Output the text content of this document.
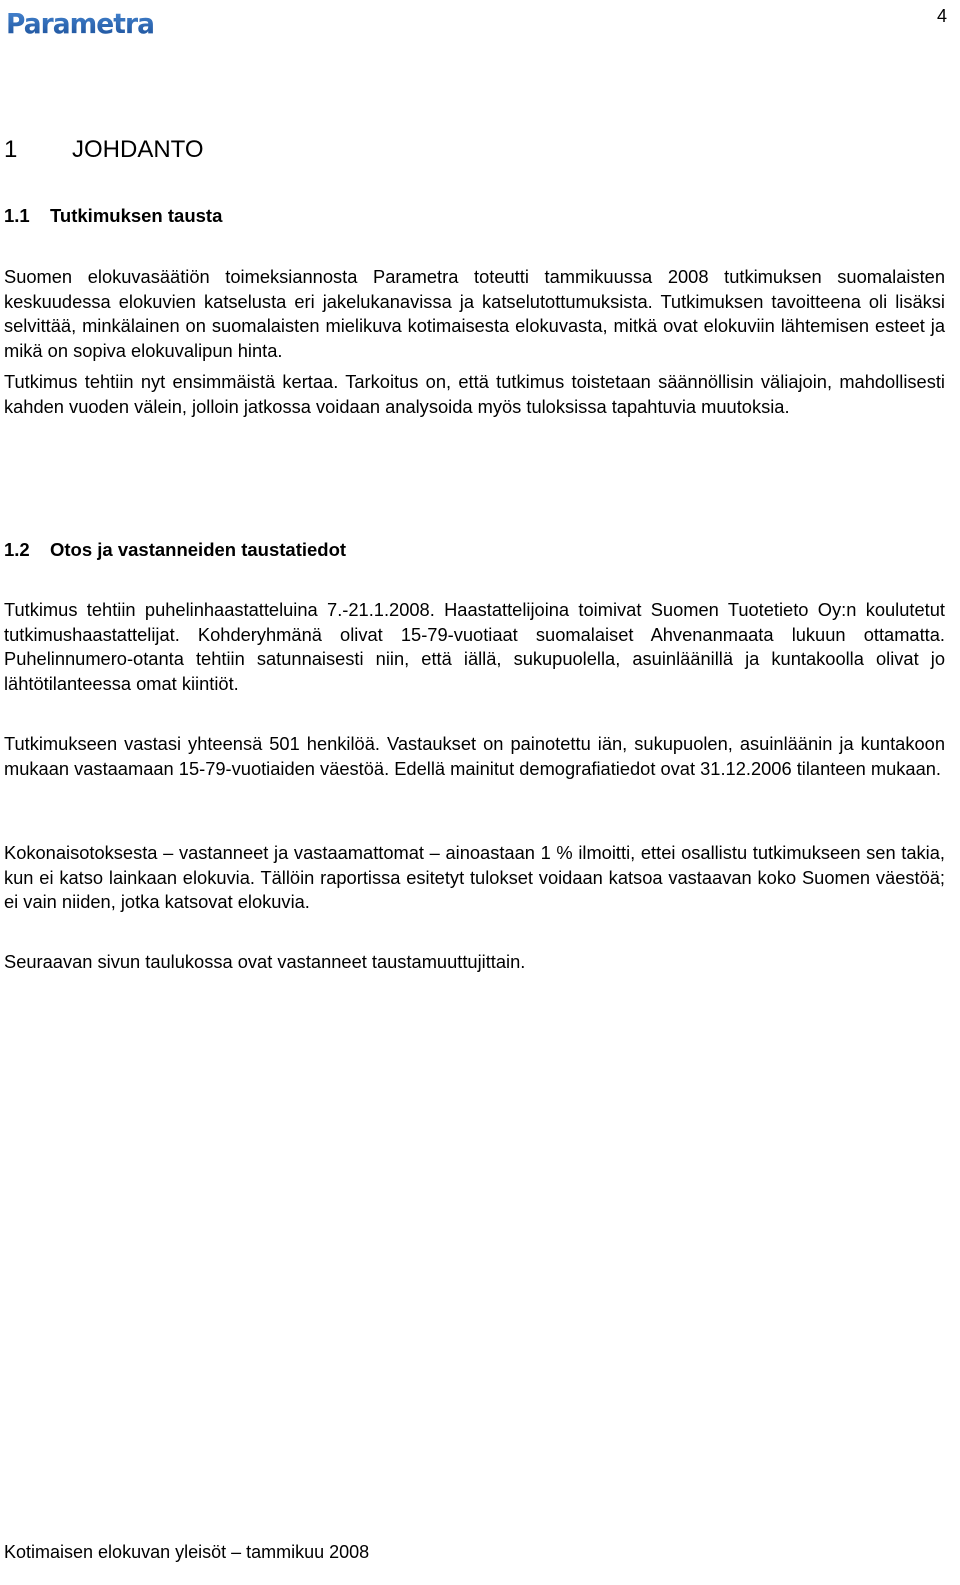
Parametra	4
1 JOHDANTO
1.1 Tutkimuksen tausta

Suomen elokuvasäätiön toimeksiannosta Parametra toteutti tammikuussa 2008 tutkimuksen suomalaisten keskuudessa elokuvien katselusta eri jakelukanavissa ja katselutottumuksista. Tutkimuksen tavoitteena oli lisäksi selvittää, minkälainen on suomalaisten mielikuva kotimaisesta elokuvasta, mitkä ovat elokuviin lähtemisen esteet ja mikä on sopiva elokuvalipun hinta.

Tutkimus tehtiin nyt ensimmäistä kertaa. Tarkoitus on, että tutkimus toistetaan säännöllisin väliajoin, mahdollisesti kahden vuoden välein, jolloin jatkossa voidaan analysoida myös tuloksissa tapahtuvia muutoksia.

1.2 Otos ja vastanneiden taustatiedot

Tutkimus tehtiin puhelinhaastatteluina 7.-21.1.2008. Haastattelijoina toimivat Suomen Tuotetieto Oy:n koulutetut tutkimushaastattelijat. Kohderyhmänä olivat 15-79-vuotiaat suomalaiset Ahvenanmaata lukuun ottamatta. Puhelinnumero-otanta tehtiin satunnaisesti niin, että iällä, sukupuolella, asuinläänillä ja kuntakoolla olivat jo lähtötilanteessa omat kiintiöt.

Tutkimukseen vastasi yhteensä 501 henkilöä. Vastaukset on painotettu iän, sukupuolen, asuinläänin ja kuntakoon mukaan vastaamaan 15-79-vuotiaiden väestöä. Edellä mainitut demografiatiedot ovat 31.12.2006 tilanteen mukaan.

Kokonaisotoksesta – vastanneet ja vastaamattomat – ainoastaan 1 % ilmoitti, ettei osallistu tutkimukseen sen takia, kun ei katso lainkaan elokuvia. Tällöin raportissa esitetyt tulokset voidaan katsoa vastaavan koko Suomen väestöä; ei vain niiden, jotka katsovat elokuvia.

Seuraavan sivun taulukossa ovat vastanneet taustamuuttujittain.

Kotimaisen elokuvan yleisöt – tammikuu 2008
